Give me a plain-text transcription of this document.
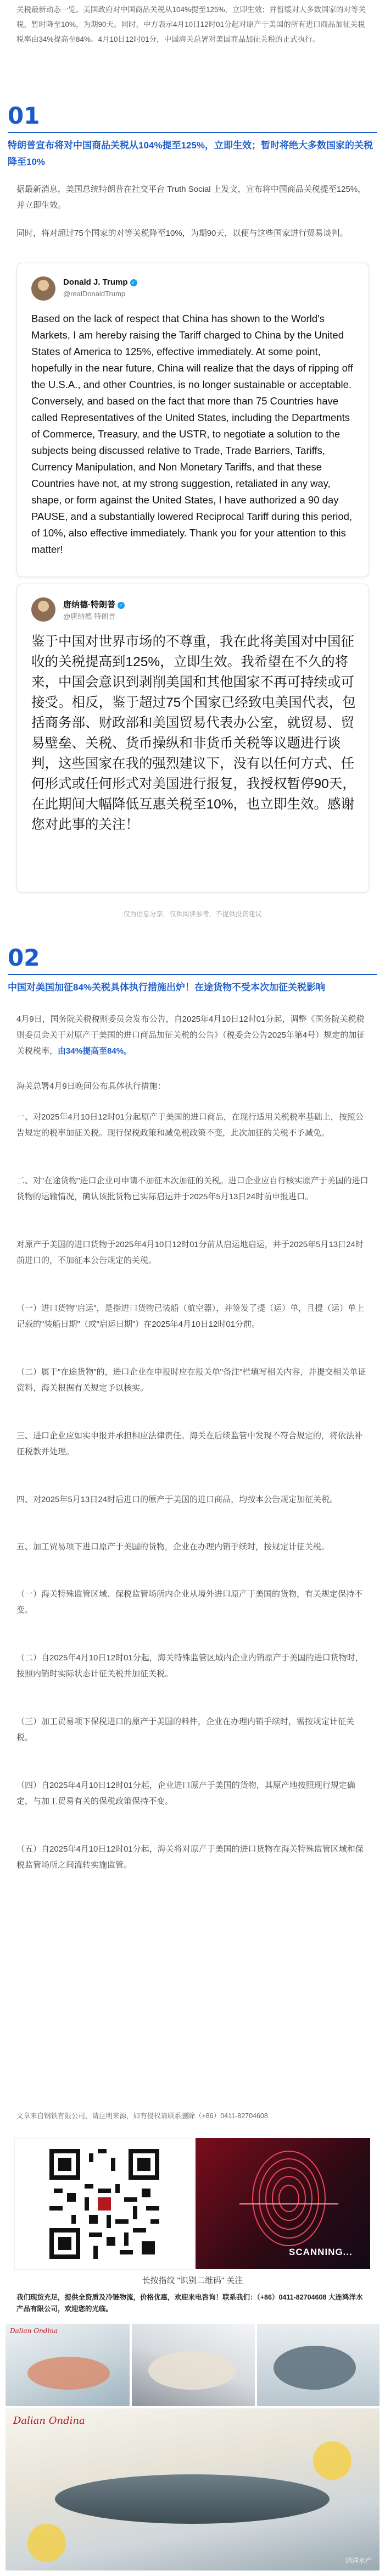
关税最新动态一览。美国政府对中国商品关税从104%提至125%，立即生效；并暂缓对大多数国家的对等关税，暂时降至10%，为期90天。同时，中方表示4月10日12时01分起对原产于美国的所有进口商品加征关税税率由34%提高至84%。4月10日12时01分，中国海关总署对美国商品加征关税的正式执行。

01
特朗普宣布将对中国商品关税从104%提至125%，立即生效；暂时将绝大多数国家的关税降至10%

据最新消息，美国总统特朗普在社交平台 Truth Social 上发文，宣布将中国商品关税提至125%，并立即生效。

同时，将对超过75个国家的对等关税降至10%，为期90天，以便与这些国家进行贸易谈判。

Donald J. Trump ✓
@realDonaldTrump

Based on the lack of respect that China has shown to the World's Markets, I am hereby raising the Tariff charged to China by the United States of America to 125%, effective immediately. At some point, hopefully in the near future, China will realize that the days of ripping off the U.S.A., and other Countries, is no longer sustainable or acceptable. Conversely, and based on the fact that more than 75 Countries have called Representatives of the United States, including the Departments of Commerce, Treasury, and the USTR, to negotiate a solution to the subjects being discussed relative to Trade, Trade Barriers, Tariffs, Currency Manipulation, and Non Monetary Tariffs, and that these Countries have not, at my strong suggestion, retaliated in any way, shape, or form against the United States, I have authorized a 90 day PAUSE, and a substantially lowered Reciprocal Tariff during this period, of 10%, also effective immediately. Thank you for your attention to this matter!

唐纳德·特朗普 ✓
@唐纳德·特朗普

鉴于中国对世界市场的不尊重，我在此将美国对中国征收的关税提高到125%，立即生效。我希望在不久的将来，中国会意识到剥削美国和其他国家不再可持续或可接受。相反，鉴于超过75个国家已经致电美国代表，包括商务部、财政部和美国贸易代表办公室，就贸易、贸易壁垒、关税、货币操纵和非货币关税等议题进行谈判，这些国家在我的强烈建议下，没有以任何方式、任何形式或任何形式对美国进行报复，我授权暂停90天，在此期间大幅降低互惠关税至10%，也立即生效。感谢您对此事的关注！

仅为信息分享，仅供阅读参考，不提供投资建议
02
中国对美国加征84%关税具体执行措施出炉！在途货物不受本次加征关税影响

4月9日，国务院关税税则委员会发布公告，自2025年4月10日12时01分起，调整《国务院关税税则委员会关于对原产于美国的进口商品加征关税的公告》（税委会公告2025年第4号）规定的加征关税税率，由34%提高至84%。

海关总署4月9日晚间公布具体执行措施：

一、对2025年4月10日12时01分起原产于美国的进口商品，在现行适用关税税率基础上，按照公告规定的税率加征关税。现行保税政策和减免税政策不变，此次加征的关税不予减免。

二、对"在途货物"进口企业可申请不加征本次加征的关税。进口企业应自行核实原产于美国的进口货物的运输情况，确认该批货物已实际启运并于2025年5月13日24时前申报进口。

对原产于美国的进口货物于2025年4月10日12时01分前从启运地启运，并于2025年5月13日24时前进口的，不加征本公告规定的关税。

（一）进口货物"启运"，是指进口货物已装船（航空器），并签发了提（运）单，且提（运）单上记载的"装船日期"（或"启运日期"）在2025年4月10日12时01分前。

（二）属于"在途货物"的，进口企业在申报时应在报关单"备注"栏填写相关内容，并提交相关单证资料，海关根据有关规定予以核实。

三、进口企业应如实申报并承担相应法律责任。海关在后续监管中发现不符合规定的，将依法补征税款并处理。

四、对2025年5月13日24时后进口的原产于美国的进口商品，均按本公告规定加征关税。

五、加工贸易项下进口原产于美国的货物，企业在办理内销手续时，按规定计征关税。

（一）海关特殊监管区域、保税监管场所内企业从境外进口原产于美国的货物，有关规定保持不变。

（二）自2025年4月10日12时01分起，海关特殊监管区域内企业内销原产于美国的进口货物时，按照内销时实际状态计征关税并加征关税。

（三）加工贸易项下保税进口的原产于美国的料件，企业在办理内销手续时，需按规定计征关税。

（四）自2025年4月10日12时01分起，企业进口原产于美国的货物，其原产地按照现行规定确定，与加工贸易有关的保税政策保持不变。

（五）自2025年4月10日12时01分起，海关将对原产于美国的进口货物在海关特殊监管区域和保税监管场所之间流转实施监管。

文章来自钢铁有限公司，请注明来源，如有侵权请联系删除（+86）0411-82704608

SCANNING...
长按指纹 "识别二维码" 关注

我们现货充足，提供全资质及冷链物流，价格优惠，欢迎来电咨询！联系我们：（+86）0411-82704608 大连鸿洋水产品有限公司，欢迎您的光临。

Dalian Ondina
Dalian Ondina
鸿洋水产
